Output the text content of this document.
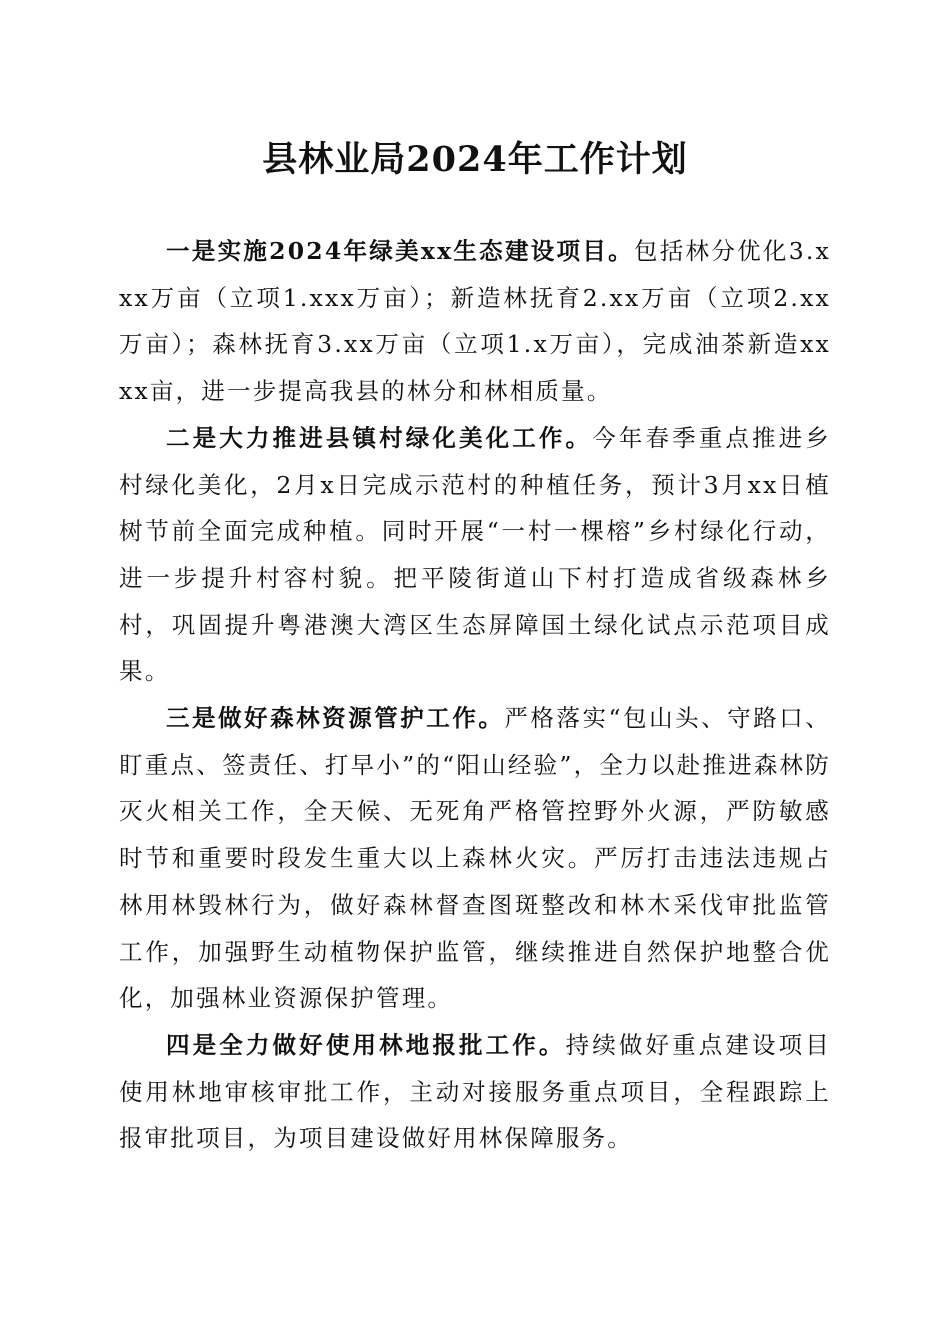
县林业局2024年工作计划

一是实施2024年绿美xx生态建设项目。包括林分优化3.xxx万亩（立项1.xxx万亩）；新造林抚育2.xx万亩（立项2.xx万亩）；森林抚育3.xx万亩（立项1.x万亩），完成油茶新造xxxx亩，进一步提高我县的林分和林相质量。

二是大力推进县镇村绿化美化工作。今年春季重点推进乡村绿化美化，2月x日完成示范村的种植任务，预计3月xx日植树节前全面完成种植。同时开展“一村一棵榕”乡村绿化行动，进一步提升村容村貌。把平陵街道山下村打造成省级森林乡村，巩固提升粤港澳大湾区生态屏障国土绿化试点示范项目成果。

三是做好森林资源管护工作。严格落实“包山头、守路口、盯重点、签责任、打早小”的“阳山经验”，全力以赴推进森林防灭火相关工作，全天候、无死角严格管控野外火源，严防敏感时节和重要时段发生重大以上森林火灾。严厉打击违法违规占林用林毁林行为，做好森林督查图斑整改和林木采伐审批监管工作，加强野生动植物保护监管，继续推进自然保护地整合优化，加强林业资源保护管理。

四是全力做好使用林地报批工作。持续做好重点建设项目使用林地审核审批工作，主动对接服务重点项目，全程跟踪上报审批项目，为项目建设做好用林保障服务。
